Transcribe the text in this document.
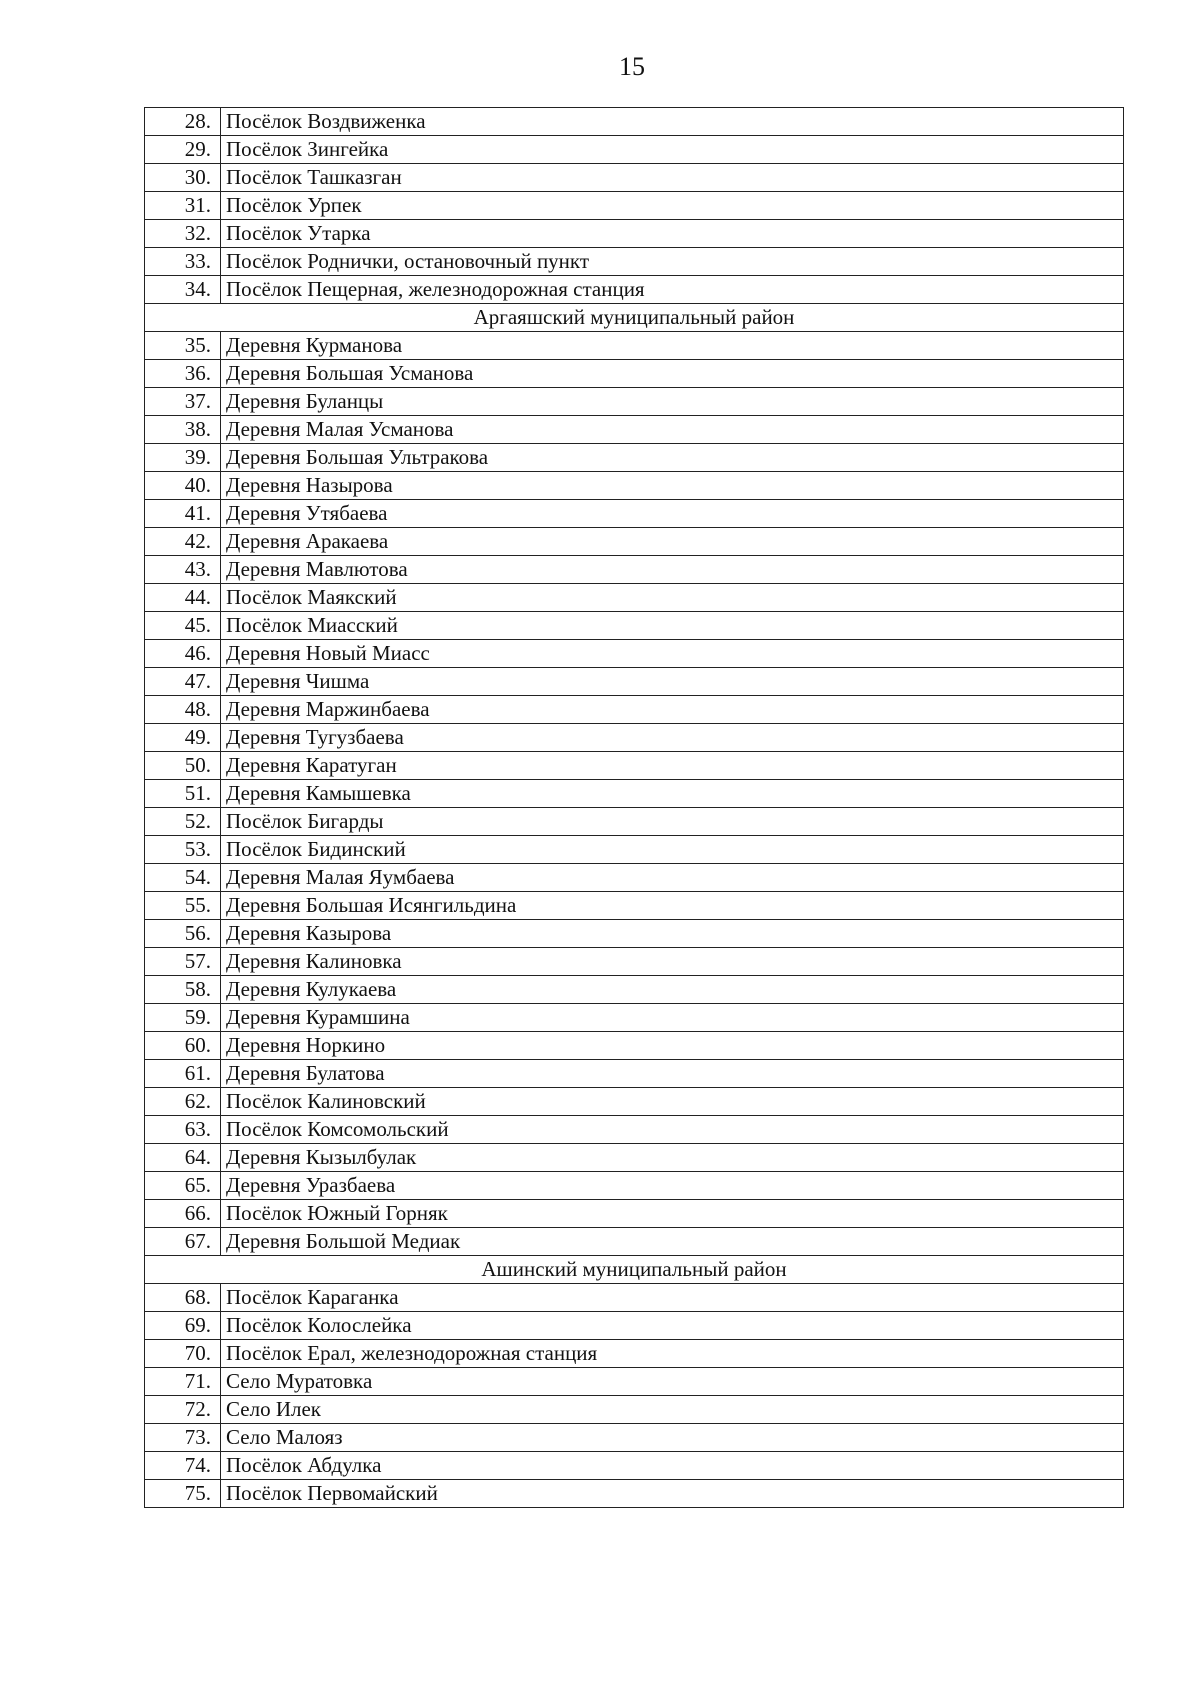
15
28.	Посёлок Воздвиженка
29.	Посёлок Зингейка
30.	Посёлок Ташказган
31.	Посёлок Урпек
32.	Посёлок Утарка
33.	Посёлок Роднички, остановочный пункт
34.	Посёлок Пещерная, железнодорожная станция
Аргаяшский муниципальный район	
35.	Деревня Курманова
36.	Деревня Большая Усманова
37.	Деревня Буланцы
38.	Деревня Малая Усманова
39.	Деревня Большая Ультракова
40.	Деревня Назырова
41.	Деревня Утябаева
42.	Деревня Аракаева
43.	Деревня Мавлютова
44.	Посёлок Маякский
45.	Посёлок Миасский
46.	Деревня Новый Миасс
47.	Деревня Чишма
48.	Деревня Маржинбаева
49.	Деревня Тугузбаева
50.	Деревня Каратуган
51.	Деревня Камышевка
52.	Посёлок Бигарды
53.	Посёлок Бидинский
54.	Деревня Малая Яумбаева
55.	Деревня Большая Исянгильдина
56.	Деревня Казырова
57.	Деревня Калиновка
58.	Деревня Кулукаева
59.	Деревня Курамшина
60.	Деревня Норкино
61.	Деревня Булатова
62.	Посёлок Калиновский
63.	Посёлок Комсомольский
64.	Деревня Кызылбулак
65.	Деревня Уразбаева
66.	Посёлок Южный Горняк
67.	Деревня Большой Медиак
Ашинский муниципальный район	
68.	Посёлок Караганка
69.	Посёлок Колослейка
70.	Посёлок Ерал, железнодорожная станция
71.	Село Муратовка
72.	Село Илек
73.	Село Малояз
74.	Посёлок Абдулка
75.	Посёлок Первомайский
